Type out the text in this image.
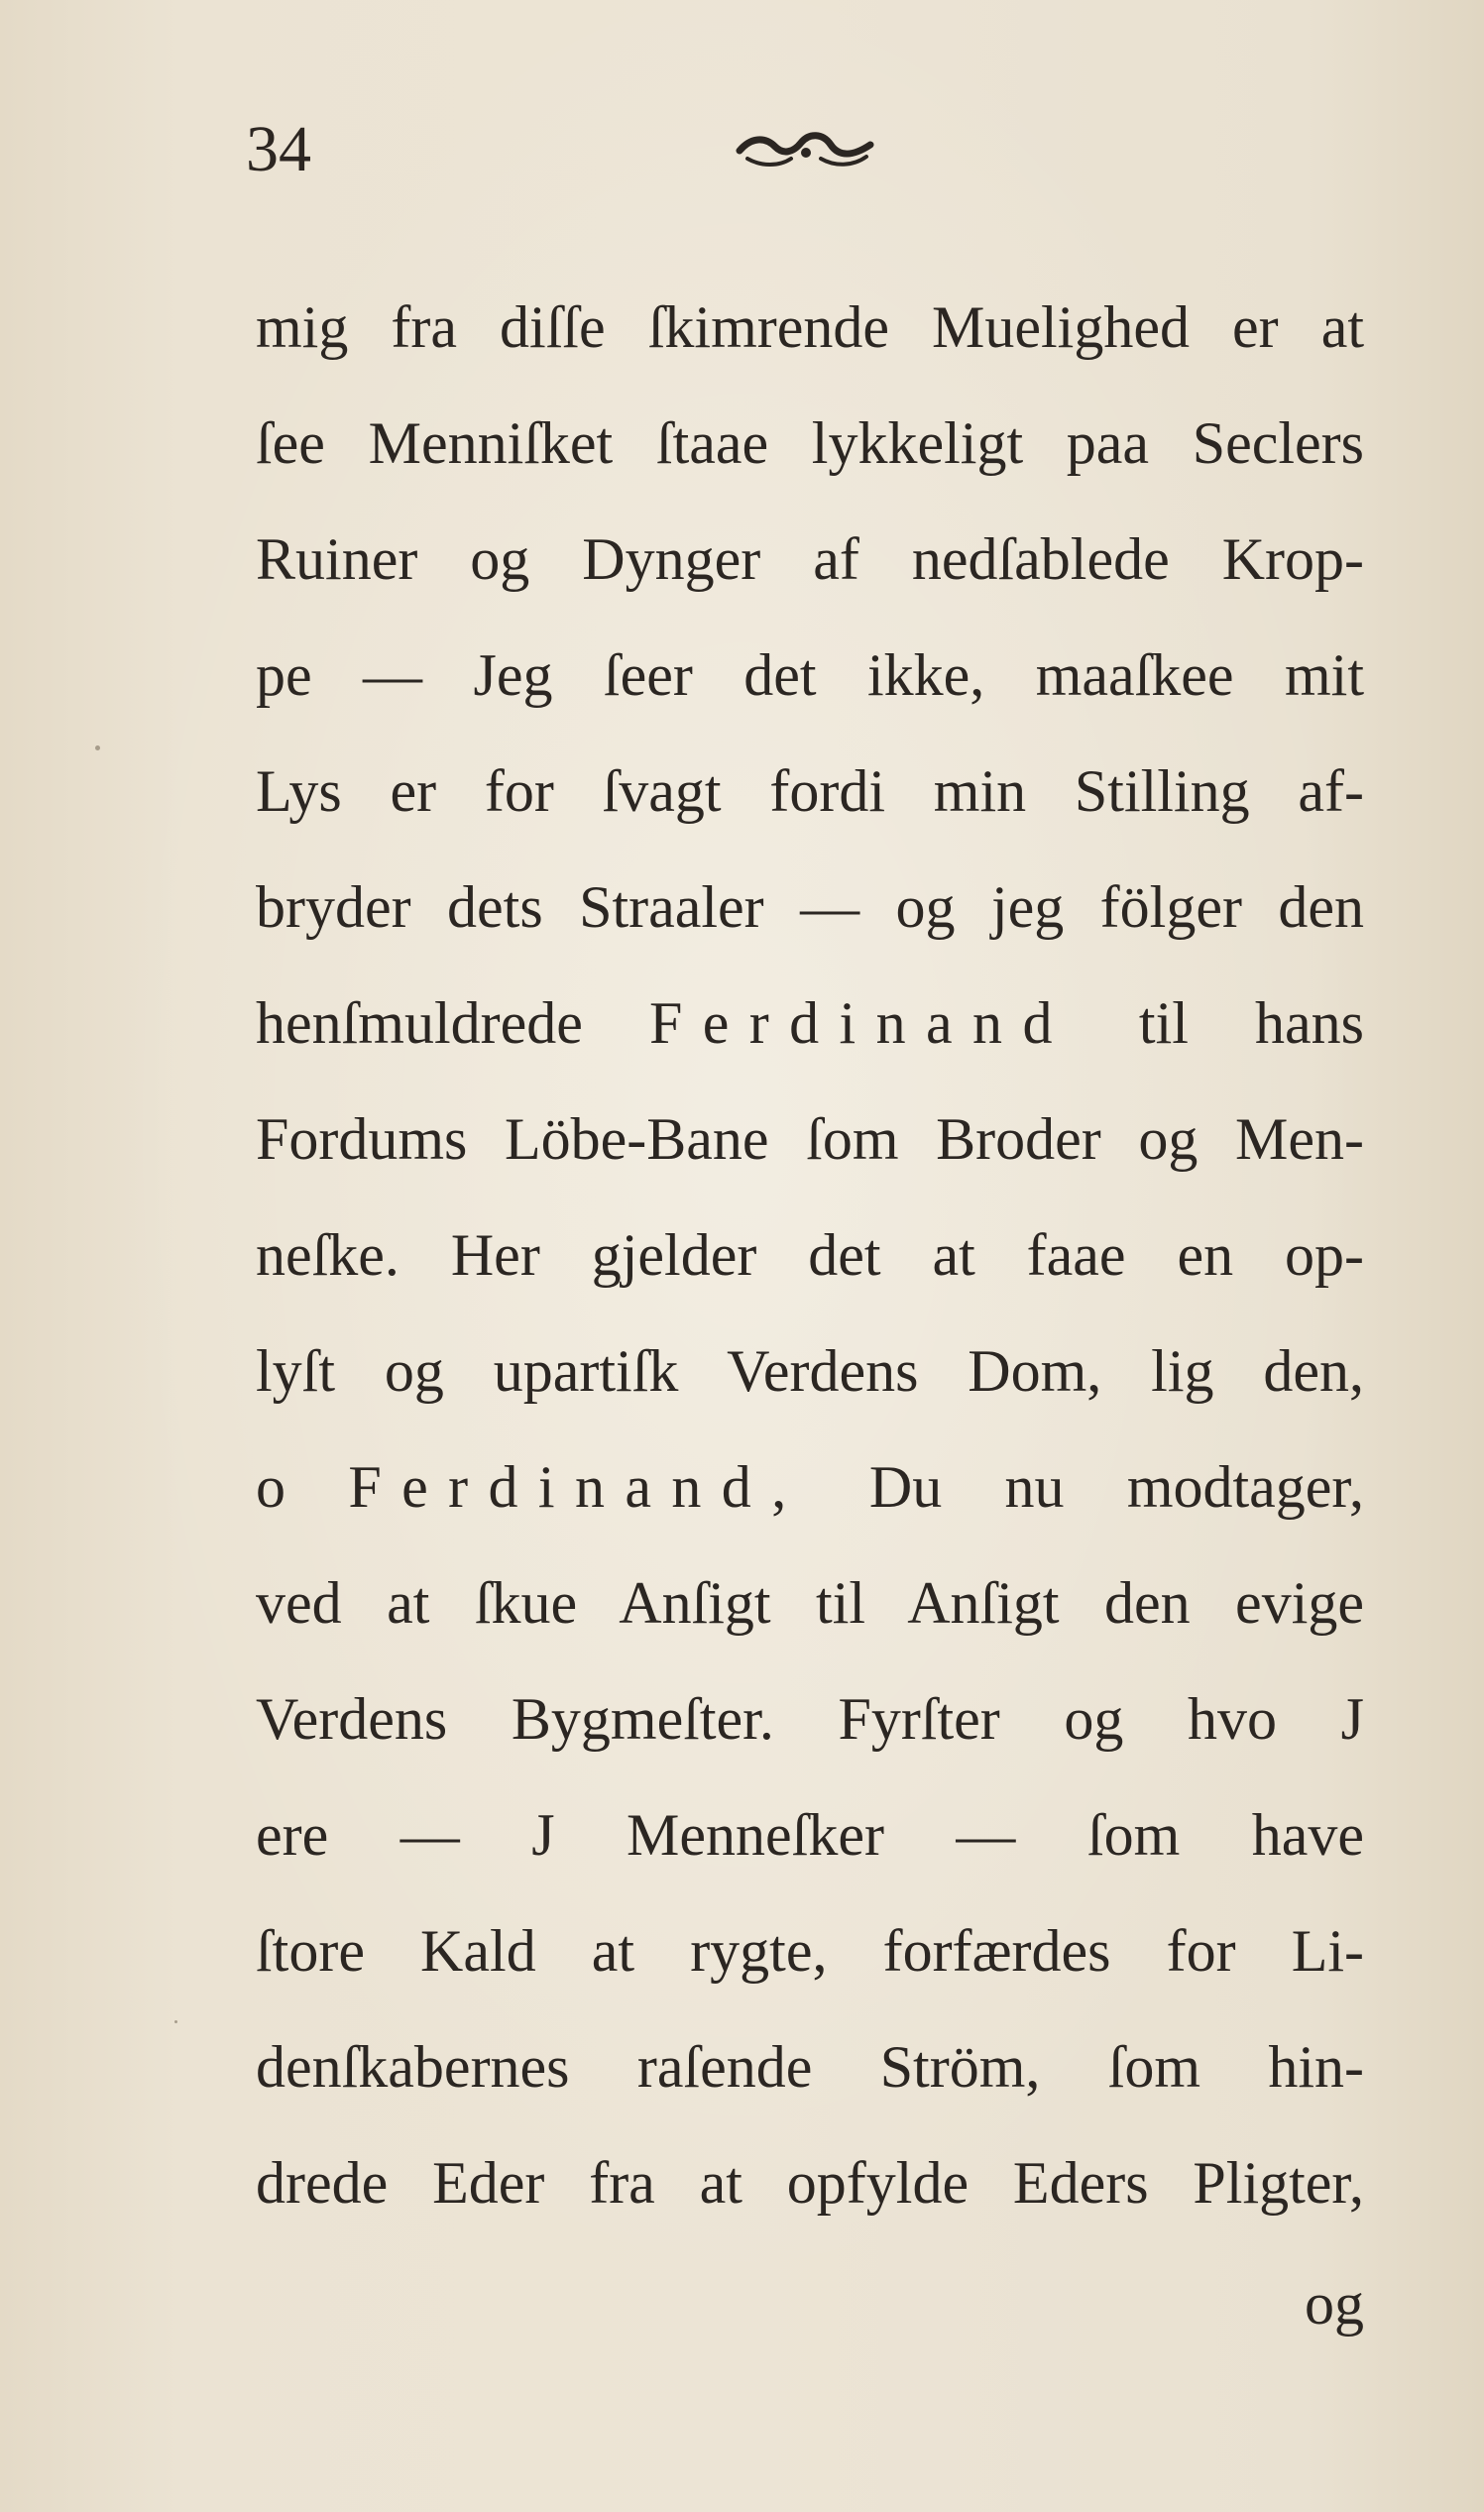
34
mig fra diſſe ſkimrende Muelighed er at
ſee Menniſket ſtaae lykkeligt paa Seclers
Ruiner og Dynger af nedſablede Krop-
pe — Jeg ſeer det ikke, maaſkee mit
Lys er for ſvagt fordi min Stilling af-
bryder dets Straaler — og jeg fölger den
henſmuldrede Ferdinand til hans
Fordums Löbe-Bane ſom Broder og Men-
neſke. Her gjelder det at faae en op-
lyſt og upartiſk Verdens Dom, lig den,
o Ferdinand, Du nu modtager,
ved at ſkue Anſigt til Anſigt den evige
Verdens Bygmeſter. Fyrſter og hvo J
ere — J Menneſker — ſom have
ſtore Kald at rygte, forfærdes for Li-
denſkabernes raſende Ström, ſom hin-
drede Eder fra at opfylde Eders Pligter,
og
